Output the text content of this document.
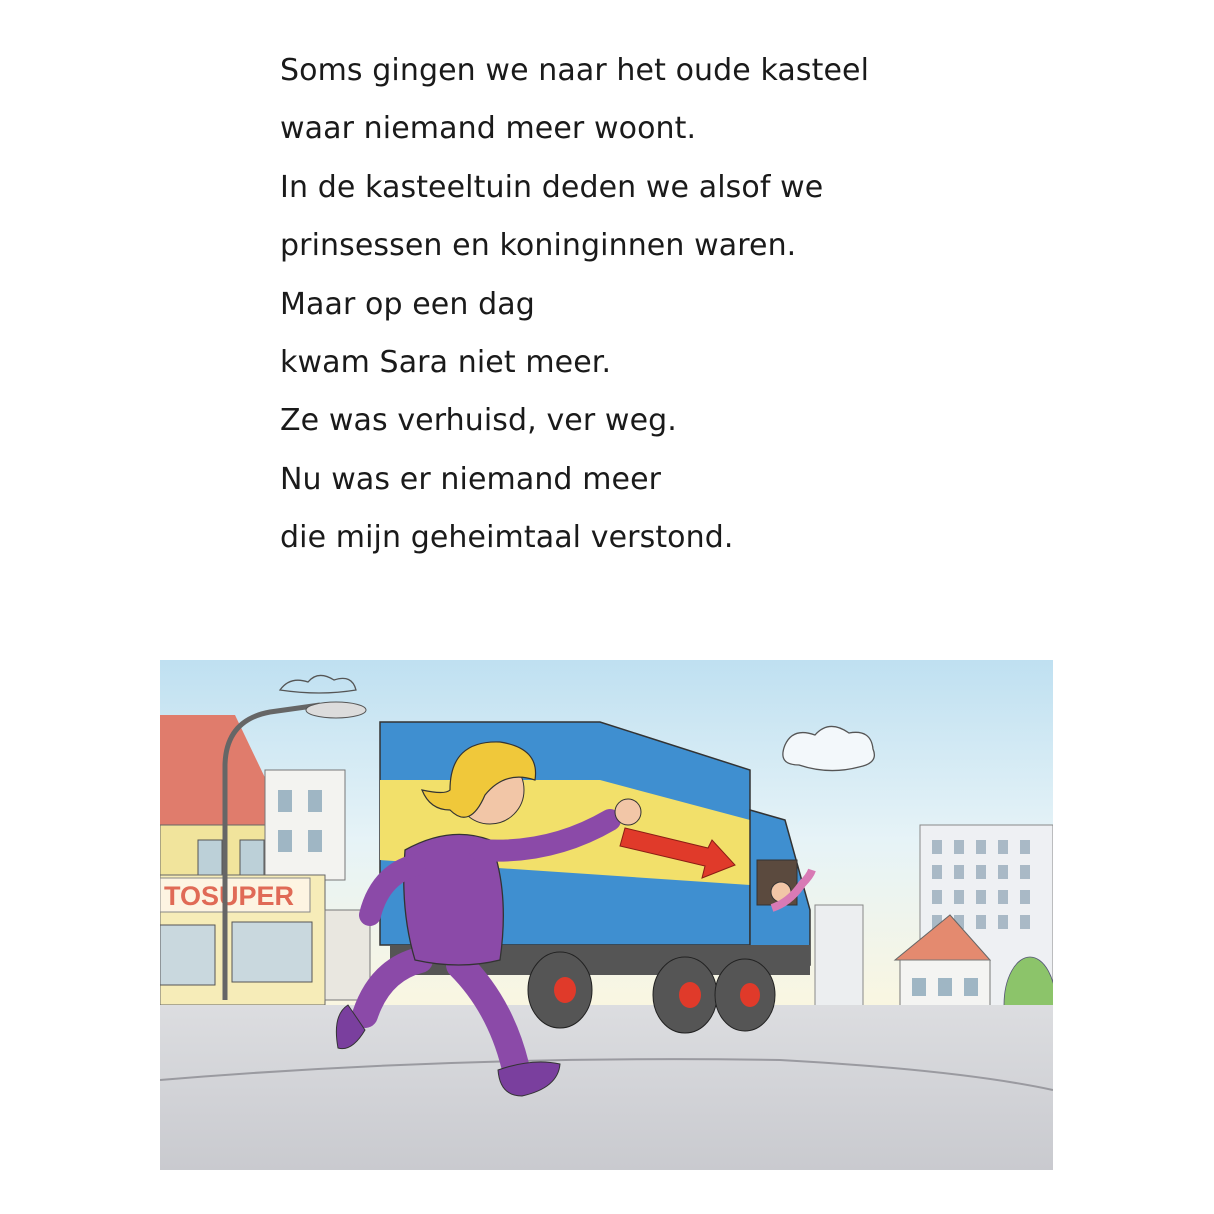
Soms gingen we naar het oude kasteel
waar niemand meer woont.
In de kasteeltuin deden we alsof we
prinsessen en koninginnen waren.
Maar op een dag
kwam Sara niet meer.
Ze was verhuisd, ver weg.
Nu was er niemand meer
die mijn geheimtaal verstond.
TOSUPER
